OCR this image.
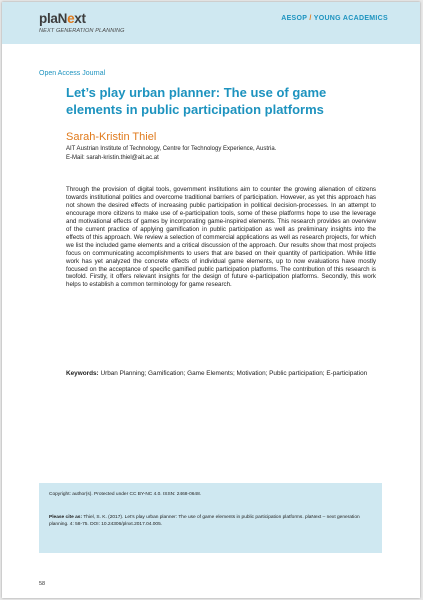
plaNext
NEXT GENERATION PLANNING
AESOP / YOUNG ACADEMICS
Open Access Journal
Let’s play urban planner: The use of game elements in public participation platforms
Sarah-Kristin Thiel
AIT Austrian Institute of Technology, Centre for Technology Experience, Austria.
E-Mail: sarah-kristin.thiel@ait.ac.at

Through the provision of digital tools, government institutions aim to counter the growing alienation of citizens towards institutional politics and overcome traditional barriers of participation. However, as yet this approach has not shown the desired effects of increasing public participation in political decision-processes. In an attempt to encourage more citizens to make use of e-participation tools, some of these platforms hope to use the leverage and motivational effects of games by incorporating game-inspired elements. This research provides an overview of the current practice of applying gamification in public participation as well as preliminary insights into the effects of this approach. We review a selection of commercial applications as well as research projects, for which we list the included game elements and a critical discussion of the approach. Our results show that most projects focus on communicating accomplishments to users that are based on their quantity of participation. While little work has yet analyzed the concrete effects of individual game elements, up to now evaluations have mostly focused on the acceptance of specific gamified public participation platforms. The contribution of this research is twofold. Firstly, it offers relevant insights for the design of future e-participation platforms. Secondly, this work helps to establish a common terminology for game research.

Keywords: Urban Planning; Gamification; Game Elements; Motivation; Public participation; E-participation
Copyright: author(s). Protected under CC BY-NC 4.0. ISSN: 2468-0648.
Please cite as: Thiel, S. K. (2017). Let’s play urban planner: The use of game elements in public participation platforms. plaNext – next generation planning. 4: 58-75. DOI: 10.24306/plnxt.2017.04.005.
58
